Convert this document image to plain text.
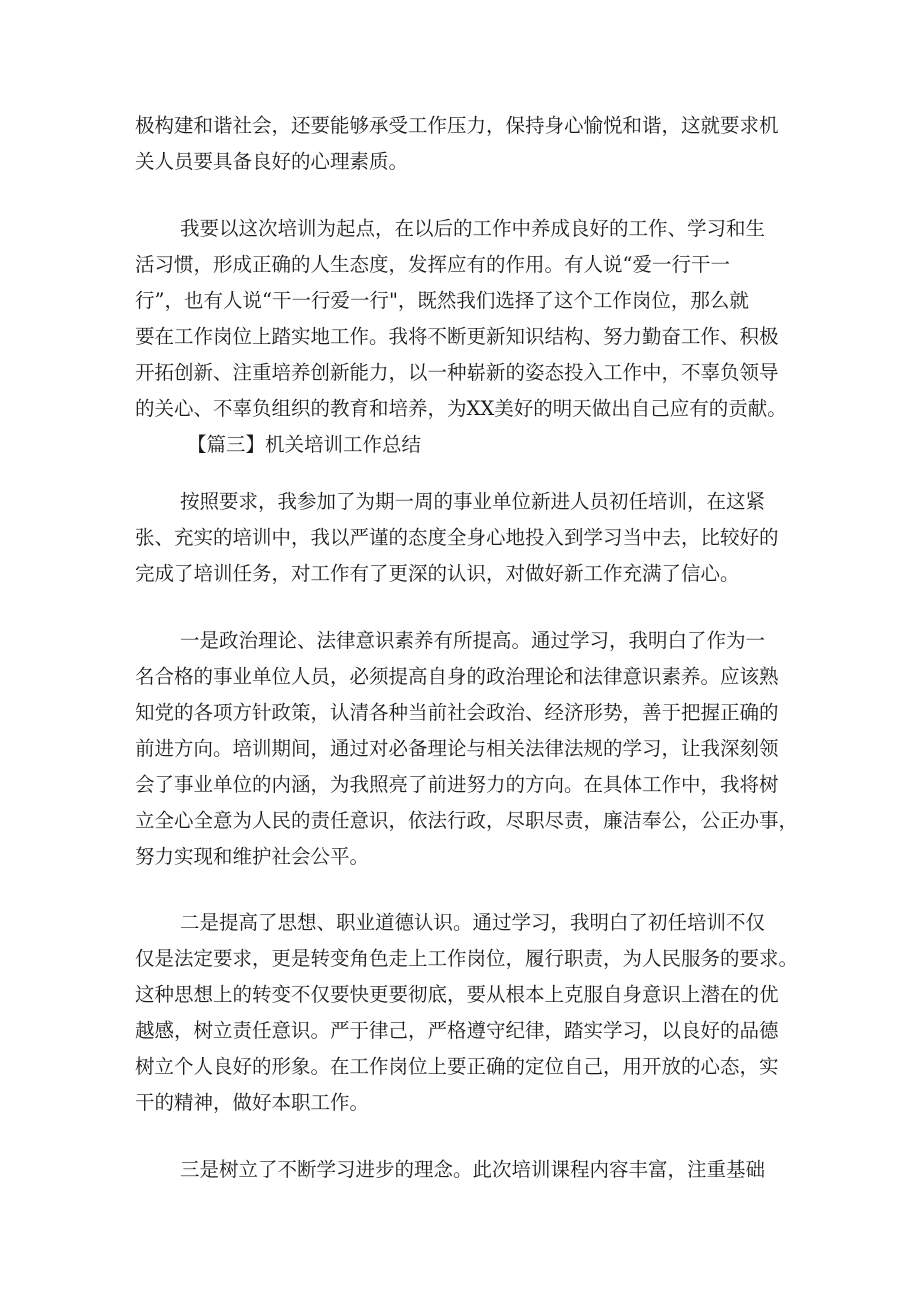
极构建和谐社会，还要能够承受工作压力，保持身心愉悦和谐，这就要求机
关人员要具备良好的心理素质。
我要以这次培训为起点，在以后的工作中养成良好的工作、学习和生
活习惯，形成正确的人生态度，发挥应有的作用。有人说“爱一行干一
行”，也有人说“干一行爱一行"，既然我们选择了这个工作岗位，那么就
要在工作岗位上踏实地工作。我将不断更新知识结构、努力勤奋工作、积极
开拓创新、注重培养创新能力，以一种崭新的姿态投入工作中，不辜负领导
的关心、不辜负组织的教育和培养，为XX美好的明天做出自己应有的贡献。
【篇三】机关培训工作总结
按照要求，我参加了为期一周的事业单位新进人员初任培训，在这紧
张、充实的培训中，我以严谨的态度全身心地投入到学习当中去，比较好的
完成了培训任务，对工作有了更深的认识，对做好新工作充满了信心。
一是政治理论、法律意识素养有所提高。通过学习，我明白了作为一
名合格的事业单位人员，必须提高自身的政治理论和法律意识素养。应该熟
知党的各项方针政策，认清各种当前社会政治、经济形势，善于把握正确的
前进方向。培训期间，通过对必备理论与相关法律法规的学习，让我深刻领
会了事业单位的内涵，为我照亮了前进努力的方向。在具体工作中，我将树
立全心全意为人民的责任意识，依法行政，尽职尽责，廉洁奉公，公正办事，
努力实现和维护社会公平。
二是提高了思想、职业道德认识。通过学习，我明白了初任培训不仅
仅是法定要求，更是转变角色走上工作岗位，履行职责，为人民服务的要求。
这种思想上的转变不仅要快更要彻底，要从根本上克服自身意识上潜在的优
越感，树立责任意识。严于律己，严格遵守纪律，踏实学习，以良好的品德
树立个人良好的形象。在工作岗位上要正确的定位自己，用开放的心态，实
干的精神，做好本职工作。
三是树立了不断学习进步的理念。此次培训课程内容丰富，注重基础
